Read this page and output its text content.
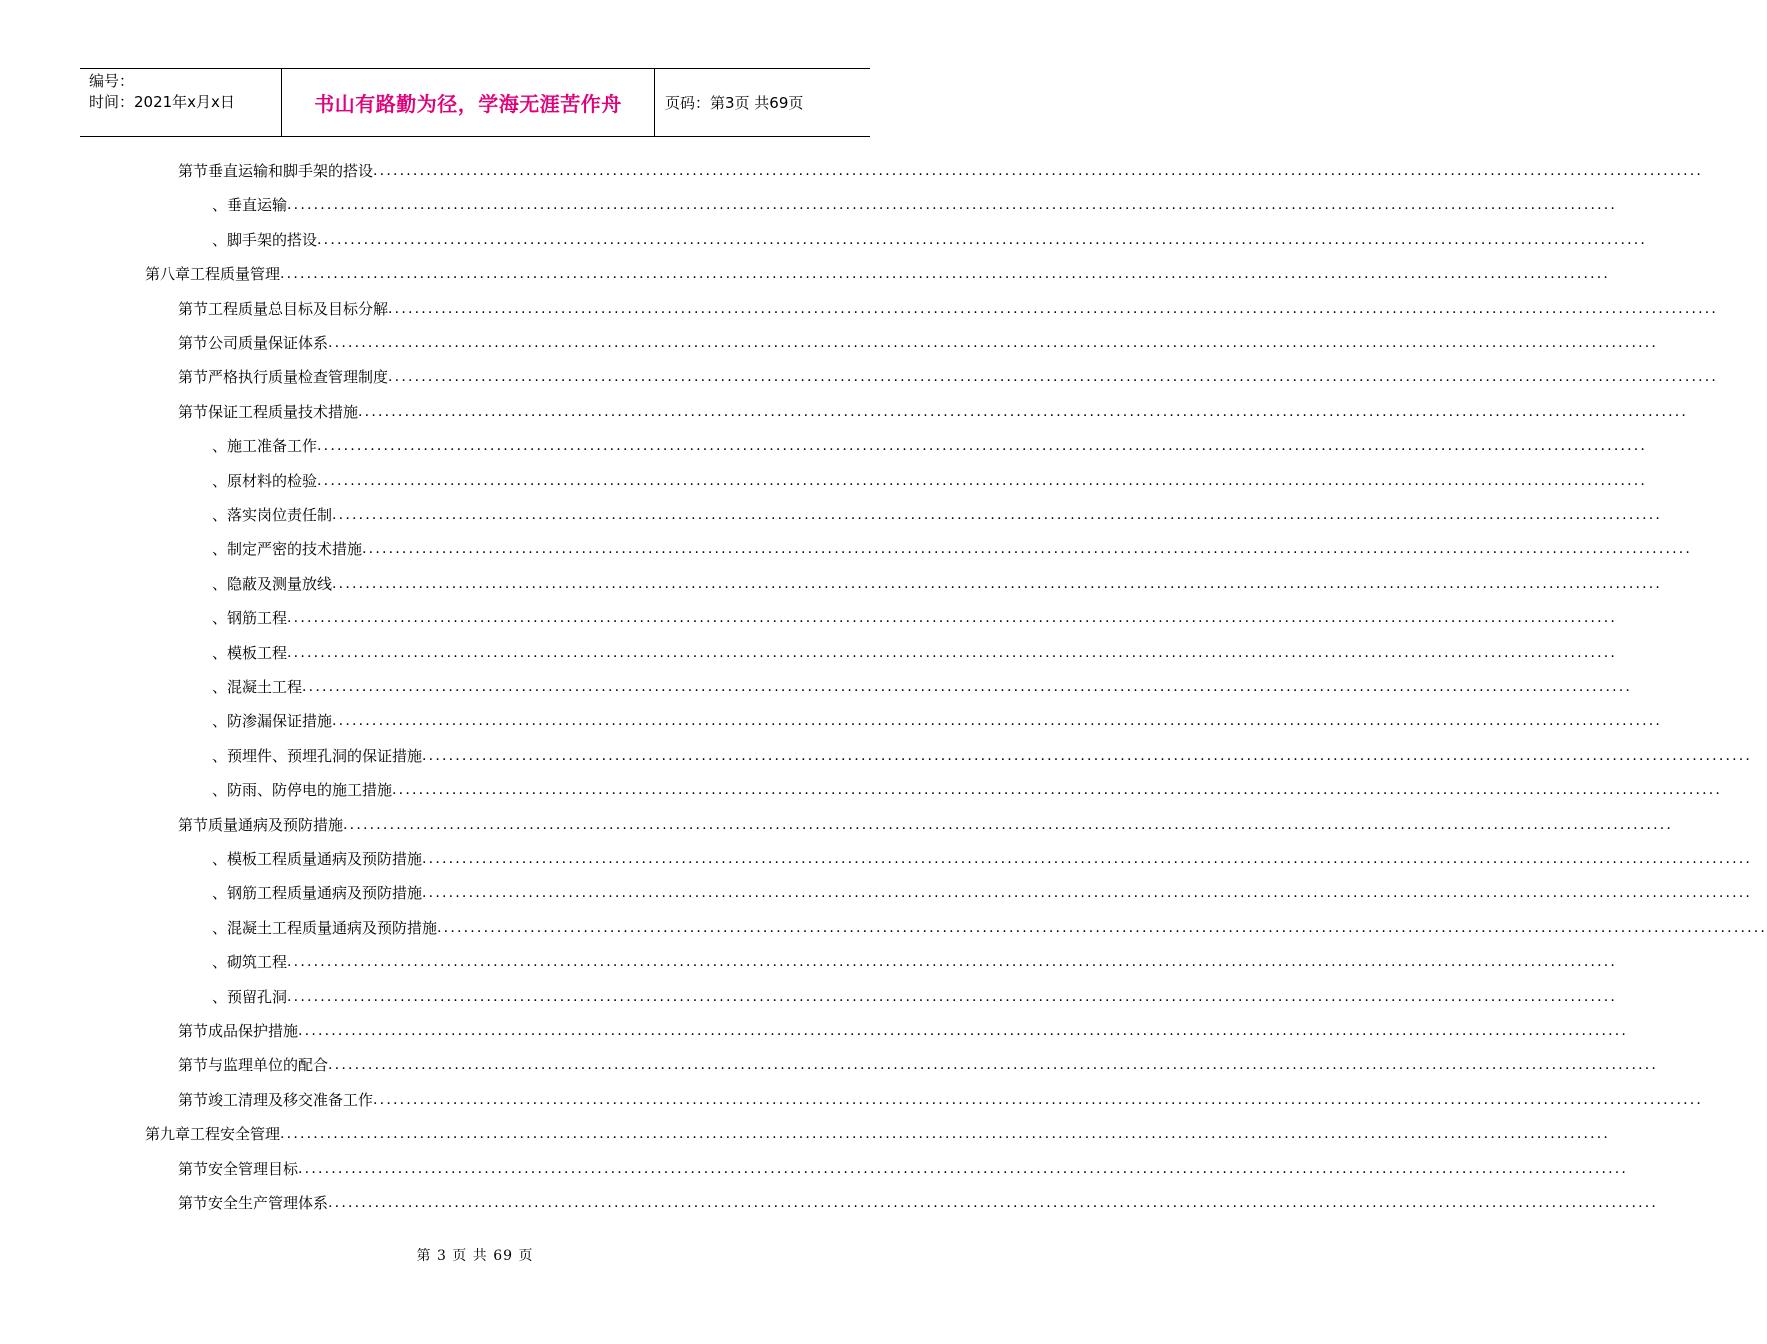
编号：
时间：2021年x月x日	书山有路勤为径，学海无涯苦作舟	页码：第3页 共69页
第节 垂直运输和脚手架的搭设 ........................................................................................................................................................................................................
、 垂直运输 ........................................................................................................................................................................................................
、 脚手架的搭设 ........................................................................................................................................................................................................
第八章 工程质量管理 ........................................................................................................................................................................................................
第节 工程质量总目标及目标分解 ........................................................................................................................................................................................................
第节 公司质量保证体系 ........................................................................................................................................................................................................
第节 严格执行质量检查管理制度 ........................................................................................................................................................................................................
第节 保证工程质量技术措施 ........................................................................................................................................................................................................
、 施工准备工作 ........................................................................................................................................................................................................
、 原材料的检验 ........................................................................................................................................................................................................
、 落实岗位责任制 ........................................................................................................................................................................................................
、 制定严密的技术措施 ........................................................................................................................................................................................................
、 隐蔽及测量放线 ........................................................................................................................................................................................................
、 钢筋工程 ........................................................................................................................................................................................................
、 模板工程 ........................................................................................................................................................................................................
、 混凝土工程 ........................................................................................................................................................................................................
、 防渗漏保证措施 ........................................................................................................................................................................................................
、 预埋件、预埋孔洞的保证措施 ........................................................................................................................................................................................................
、 防雨、防停电的施工措施 ........................................................................................................................................................................................................
第节 质量通病及预防措施 ........................................................................................................................................................................................................
、 模板工程质量通病及预防措施 ........................................................................................................................................................................................................
、 钢筋工程质量通病及预防措施 ........................................................................................................................................................................................................
、 混凝土工程质量通病及预防措施 ........................................................................................................................................................................................................
、 砌筑工程 ........................................................................................................................................................................................................
、 预留孔洞 ........................................................................................................................................................................................................
第节 成品保护措施 ........................................................................................................................................................................................................
第节 与监理单位的配合 ........................................................................................................................................................................................................
第节 竣工清理及移交准备工作 ........................................................................................................................................................................................................
第九章 工程安全管理 ........................................................................................................................................................................................................
第节 安全管理目标 ........................................................................................................................................................................................................
第节 安全生产管理体系 ........................................................................................................................................................................................................
第 3 页 共 69 页
